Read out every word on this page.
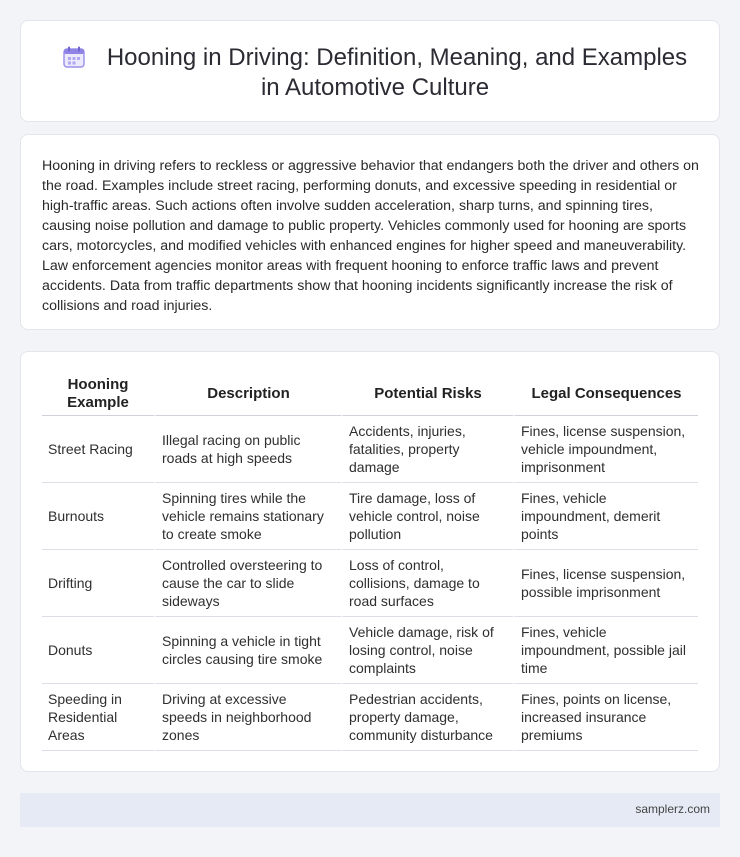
Hooning in Driving: Definition, Meaning, and Examples in Automotive Culture

Hooning in driving refers to reckless or aggressive behavior that endangers both the driver and others on the road. Examples include street racing, performing donuts, and excessive speeding in residential or high-traffic areas. Such actions often involve sudden acceleration, sharp turns, and spinning tires, causing noise pollution and damage to public property. Vehicles commonly used for hooning are sports cars, motorcycles, and modified vehicles with enhanced engines for higher speed and maneuverability. Law enforcement agencies monitor areas with frequent hooning to enforce traffic laws and prevent accidents. Data from traffic departments show that hooning incidents significantly increase the risk of collisions and road injuries.

Hooning Example	Description	Potential Risks	Legal Consequences
Street Racing	Illegal racing on public roads at high speeds	Accidents, injuries, fatalities, property damage	Fines, license suspension, vehicle impoundment, imprisonment
Burnouts	Spinning tires while the vehicle remains stationary to create smoke	Tire damage, loss of vehicle control, noise pollution	Fines, vehicle impoundment, demerit points
Drifting	Controlled oversteering to cause the car to slide sideways	Loss of control, collisions, damage to road surfaces	Fines, license suspension, possible imprisonment
Donuts	Spinning a vehicle in tight circles causing tire smoke	Vehicle damage, risk of losing control, noise complaints	Fines, vehicle impoundment, possible jail time
Speeding in Residential Areas	Driving at excessive speeds in neighborhood zones	Pedestrian accidents, property damage, community disturbance	Fines, points on license, increased insurance premiums
samplerz.com
